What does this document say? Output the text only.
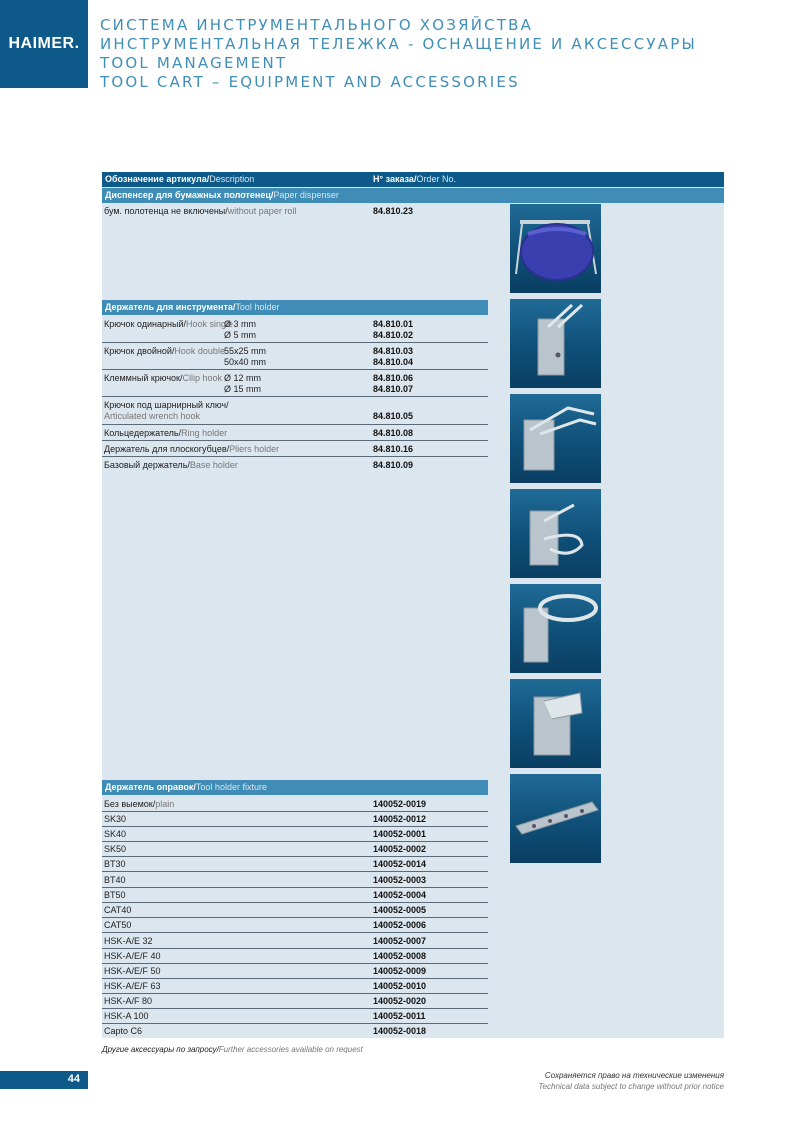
HAIMER.
СИСТЕМА ИНСТРУМЕНТАЛЬНОГО ХОЗЯЙСТВА
ИНСТРУМЕНТАЛЬНАЯ ТЕЛЕЖКА - ОСНАЩЕНИЕ И АКСЕССУАРЫ
TOOL MANAGEMENT
TOOL CART – EQUIPMENT AND ACCESSORIES
Обозначение артикула/Description	Н° заказа/Order No.
Диспенсер для бумажных полотенец/Paper dispenser
бум. полотенца не включены/without paper roll	84.810.23
Держатель для инструмента/Tool holder
Крючок одинарный/Hook single
Ø 3 mm	84.810.01
Ø 5 mm	84.810.02
Крючок двойной/Hook double 55x25 mm	84.810.03
50x40 mm	84.810.04
Клеммный крючок/Cllip hook Ø 12 mm	84.810.06
Ø 15 mm	84.810.07
Крючок под шарнирный ключ/
Articulated wrench hook	84.810.05
Кольцедержатель/Ring holder	84.810.08
Держатель для плоскогубцев/Pliers holder	84.810.16
Базовый держатель/Base holder	84.810.09
Держатель оправок/Tool holder fixture
Без выемок/plain	140052-0019
SK30	140052-0012
SK40	140052-0001
SK50	140052-0002
BT30	140052-0014
BT40	140052-0003
BT50	140052-0004
CAT40	140052-0005
CAT50	140052-0006
HSK-A/E 32	140052-0007
HSK-A/E/F 40	140052-0008
HSK-A/E/F 50	140052-0009
HSK-A/E/F 63	140052-0010
HSK-A/F 80	140052-0020
HSK-A 100	140052-0011
Capto C6	140052-0018
Другие аксессуары по запросу/Further accessories available on request
44	Сохраняется право на технические изменения
Technical data subject to change without prior notice
